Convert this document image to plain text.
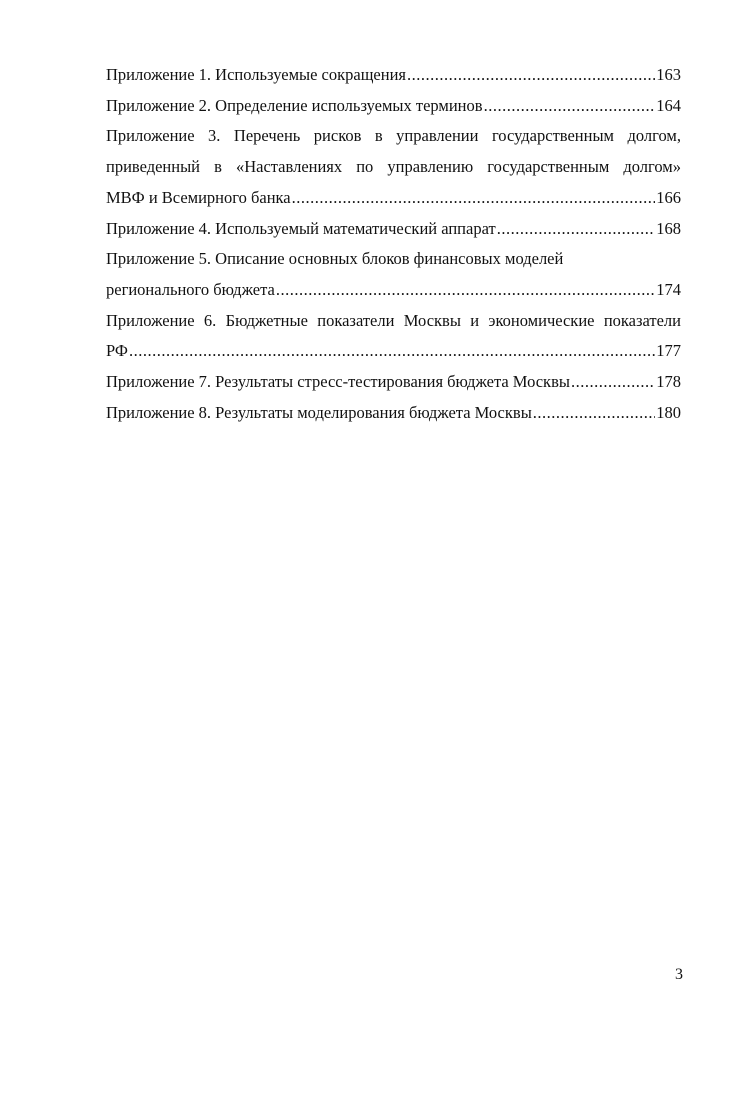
Приложение 1. Используемые сокращения .....	163
Приложение 2. Определение используемых терминов .....	164
Приложение 3. Перечень рисков в управлении государственным долгом,
приведенный в «Наставлениях по управлению государственным долгом»
МВФ и Всемирного банка .....	166
Приложение 4. Используемый математический аппарат .....	168
Приложение 5. Описание основных блоков финансовых моделей
регионального бюджета .....	174
Приложение 6. Бюджетные показатели Москвы и экономические показатели
РФ .....	177
Приложение 7. Результаты стресс-тестирования бюджета Москвы .....	178
Приложение 8. Результаты моделирования бюджета Москвы .....	180
3
